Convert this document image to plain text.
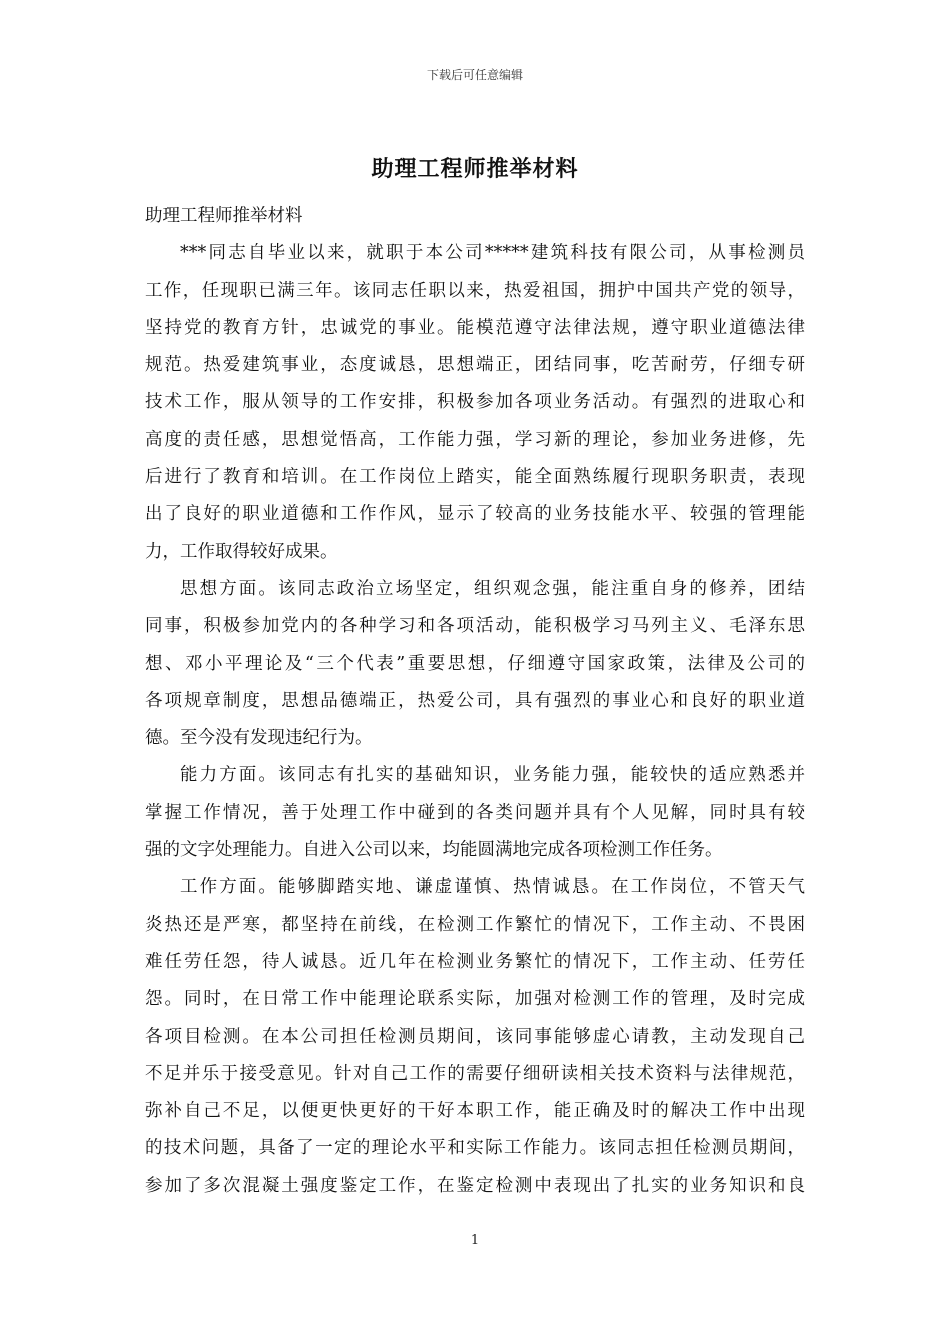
下载后可任意编辑
助理工程师推举材料
助理工程师推举材料
***同志自毕业以来，就职于本公司*****建筑科技有限公司，从事检测员
工作，任现职已满三年。该同志任职以来，热爱祖国，拥护中国共产党的领导，
坚持党的教育方针，忠诚党的事业。能模范遵守法律法规，遵守职业道德法律
规范。热爱建筑事业，态度诚恳，思想端正，团结同事，吃苦耐劳，仔细专研
技术工作，服从领导的工作安排，积极参加各项业务活动。有强烈的进取心和
高度的责任感，思想觉悟高，工作能力强，学习新的理论，参加业务进修，先
后进行了教育和培训。在工作岗位上踏实，能全面熟练履行现职务职责，表现
出了良好的职业道德和工作作风，显示了较高的业务技能水平、较强的管理能
力，工作取得较好成果。
思想方面。该同志政治立场坚定，组织观念强，能注重自身的修养，团结
同事，积极参加党内的各种学习和各项活动，能积极学习马列主义、毛泽东思
想、邓小平理论及“三个代表”重要思想，仔细遵守国家政策，法律及公司的
各项规章制度，思想品德端正，热爱公司，具有强烈的事业心和良好的职业道
德。至今没有发现违纪行为。
能力方面。该同志有扎实的基础知识，业务能力强，能较快的适应熟悉并
掌握工作情况，善于处理工作中碰到的各类问题并具有个人见解，同时具有较
强的文字处理能力。自进入公司以来，均能圆满地完成各项检测工作任务。
工作方面。能够脚踏实地、谦虚谨慎、热情诚恳。在工作岗位，不管天气
炎热还是严寒，都坚持在前线，在检测工作繁忙的情况下，工作主动、不畏困
难任劳任怨，待人诚恳。近几年在检测业务繁忙的情况下，工作主动、任劳任
怨。同时，在日常工作中能理论联系实际，加强对检测工作的管理，及时完成
各项目检测。在本公司担任检测员期间，该同事能够虚心请教，主动发现自己
不足并乐于接受意见。针对自己工作的需要仔细研读相关技术资料与法律规范，
弥补自己不足，以便更快更好的干好本职工作，能正确及时的解决工作中出现
的技术问题，具备了一定的理论水平和实际工作能力。该同志担任检测员期间，
参加了多次混凝土强度鉴定工作，在鉴定检测中表现出了扎实的业务知识和良
1
